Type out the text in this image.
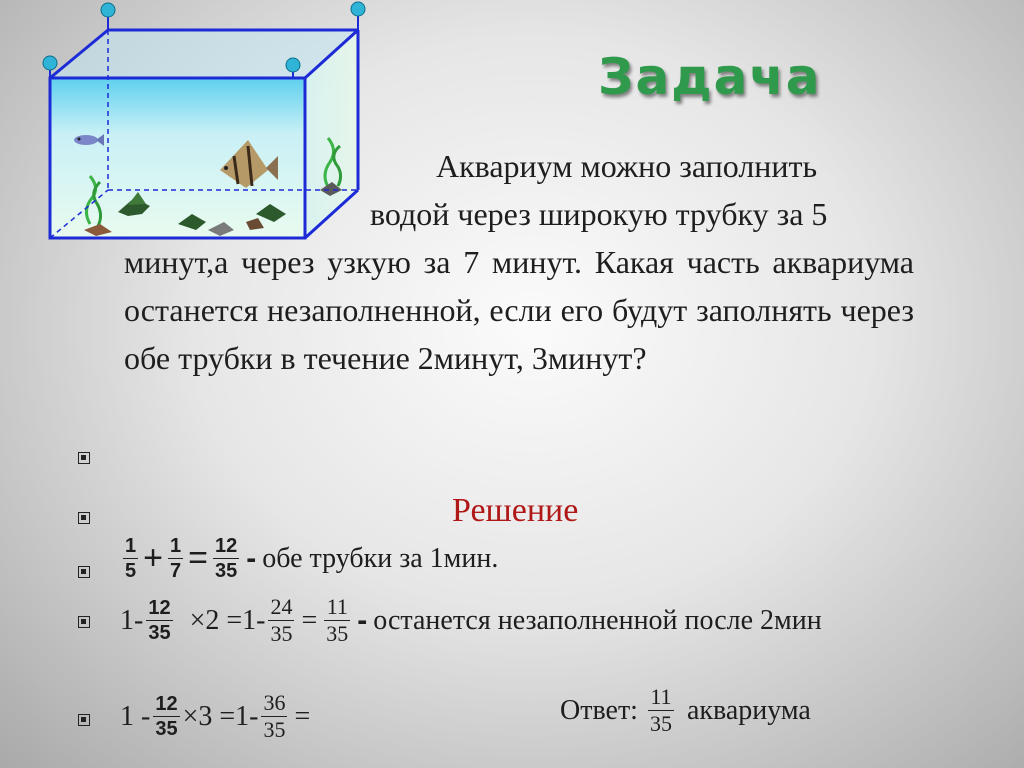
Задача
Аквариум можно заполнить
водой через широкую трубку за 5
минут,а через узкую за 7 минут. Какая часть аквариума останется незаполненной, если его будут заполнять через обе трубки в течение 2минут, 3минут?
Решение
$\frac{1}{5} + \frac{1}{7} = \frac{12}{35}$ - обе трубки за 1мин.
$1- \frac{12}{35} \times 2 =1- \frac{24}{35} = \frac{11}{35}$ - останется незаполненной после 2мин
$1 - \frac{12}{35} \times 3 =1- \frac{36}{35}$ =	Ответ: $\frac{11}{35}$ аквариума
